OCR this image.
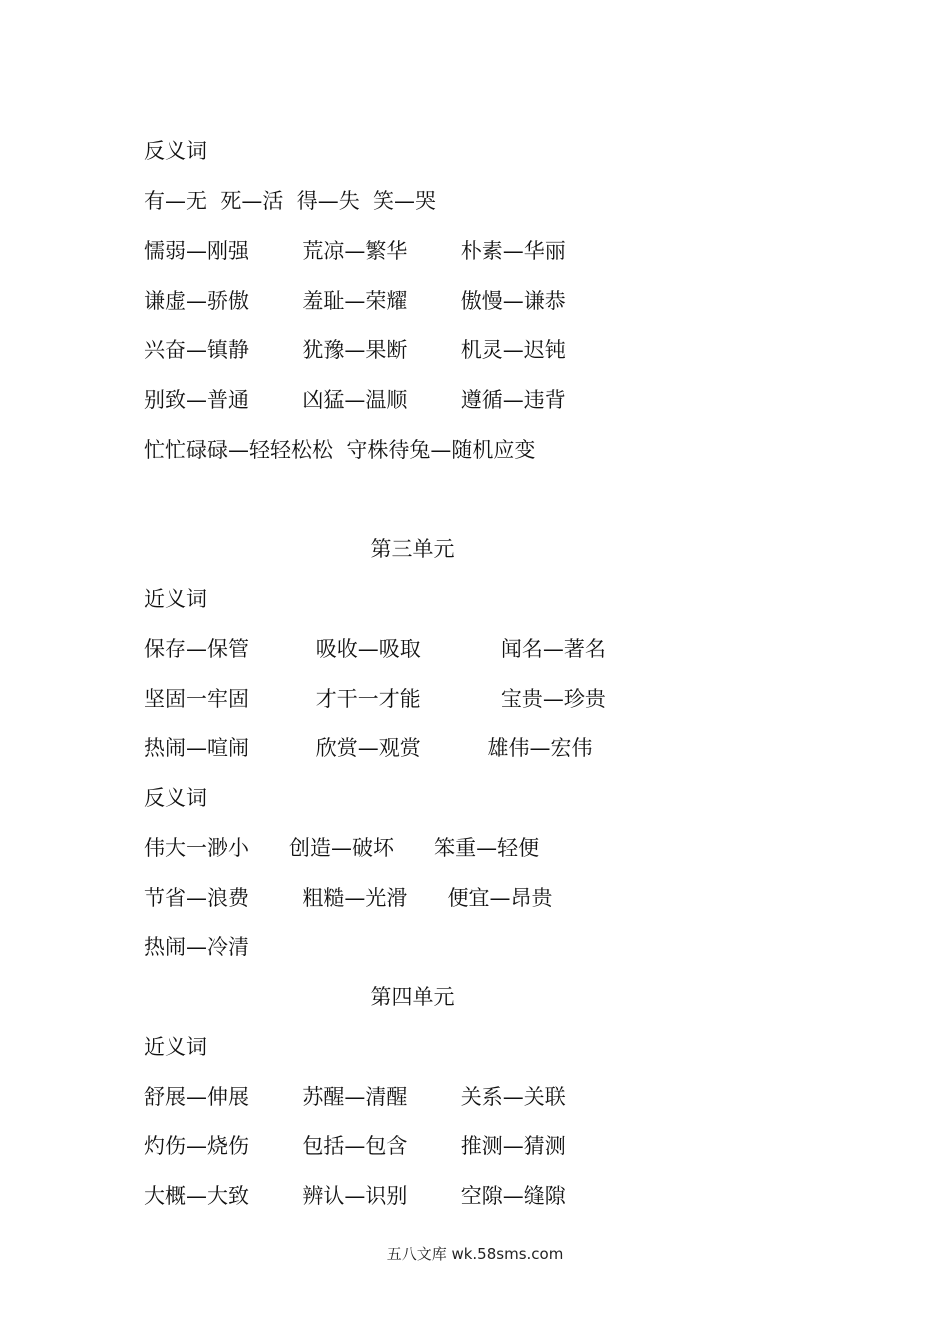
反义词

有—无  死—活  得—失  笑—哭

懦弱—刚强        荒凉—繁华        朴素—华丽

谦虚—骄傲        羞耻—荣耀        傲慢—谦恭

兴奋—镇静        犹豫—果断        机灵—迟钝

别致—普通        凶猛—温顺        遵循—违背

忙忙碌碌—轻轻松松  守株待兔—随机应变

第三单元

近义词

保存—保管          吸收—吸取            闻名—著名

坚固一牢固          才干一才能            宝贵—珍贵

热闹—喧闹          欣赏—观赏          雄伟—宏伟

反义词

伟大一渺小      创造—破坏      笨重—轻便

节省—浪费        粗糙—光滑      便宜—昂贵

热闹—冷清

第四单元

近义词

舒展—伸展        苏醒—清醒        关系—关联

灼伤—烧伤        包括—包含        推测—猜测

大概—大致        辨认—识别        空隙—缝隙

五八文库 wk.58sms.com
